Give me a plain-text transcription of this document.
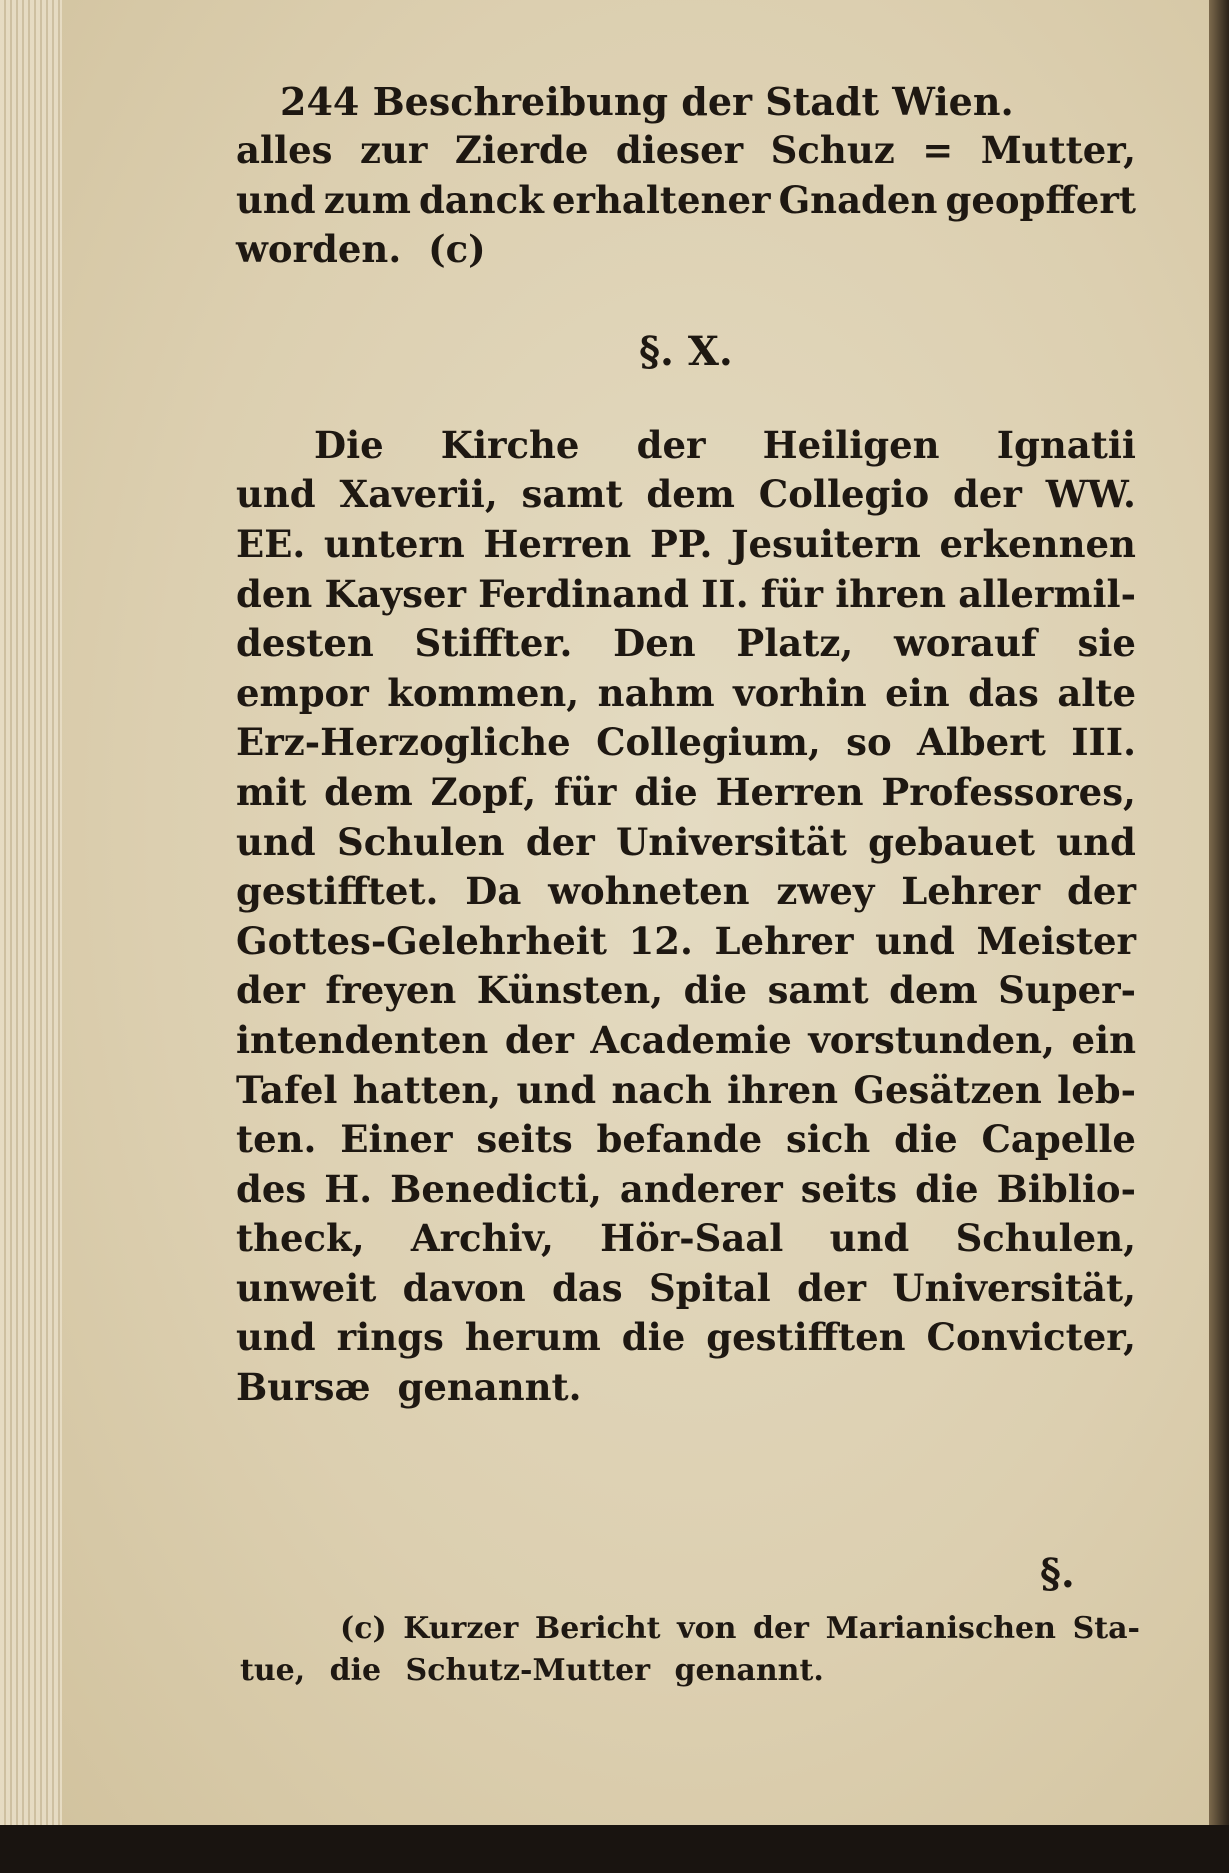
244 Beschreibung der Stadt Wien.
alles zur Zierde dieser Schuz = Mutter,
und zum danck erhaltener Gnaden geopffert
worden. (c)
§. X.
Die Kirche der Heiligen Ignatii
und Xaverii, samt dem Collegio der WW.
EE. untern Herren PP. Jesuitern erkennen
den Kayser Ferdinand II. für ihren allermil-
desten Stiffter. Den Platz, worauf sie
empor kommen, nahm vorhin ein das alte
Erz-Herzogliche Collegium, so Albert III.
mit dem Zopf, für die Herren Professores,
und Schulen der Universität gebauet und
gestifftet. Da wohneten zwey Lehrer der
Gottes-Gelehrheit 12. Lehrer und Meister
der freyen Künsten, die samt dem Super-
intendenten der Academie vorstunden, ein
Tafel hatten, und nach ihren Gesätzen leb-
ten. Einer seits befande sich die Capelle
des H. Benedicti, anderer seits die Biblio-
theck, Archiv, Hör-Saal und Schulen,
unweit davon das Spital der Universität,
und rings herum die gestifften Convicter,
Bursæ genannt.
§.
(c) Kurzer Bericht von der Marianischen Sta-
tue, die Schutz-Mutter genannt.
